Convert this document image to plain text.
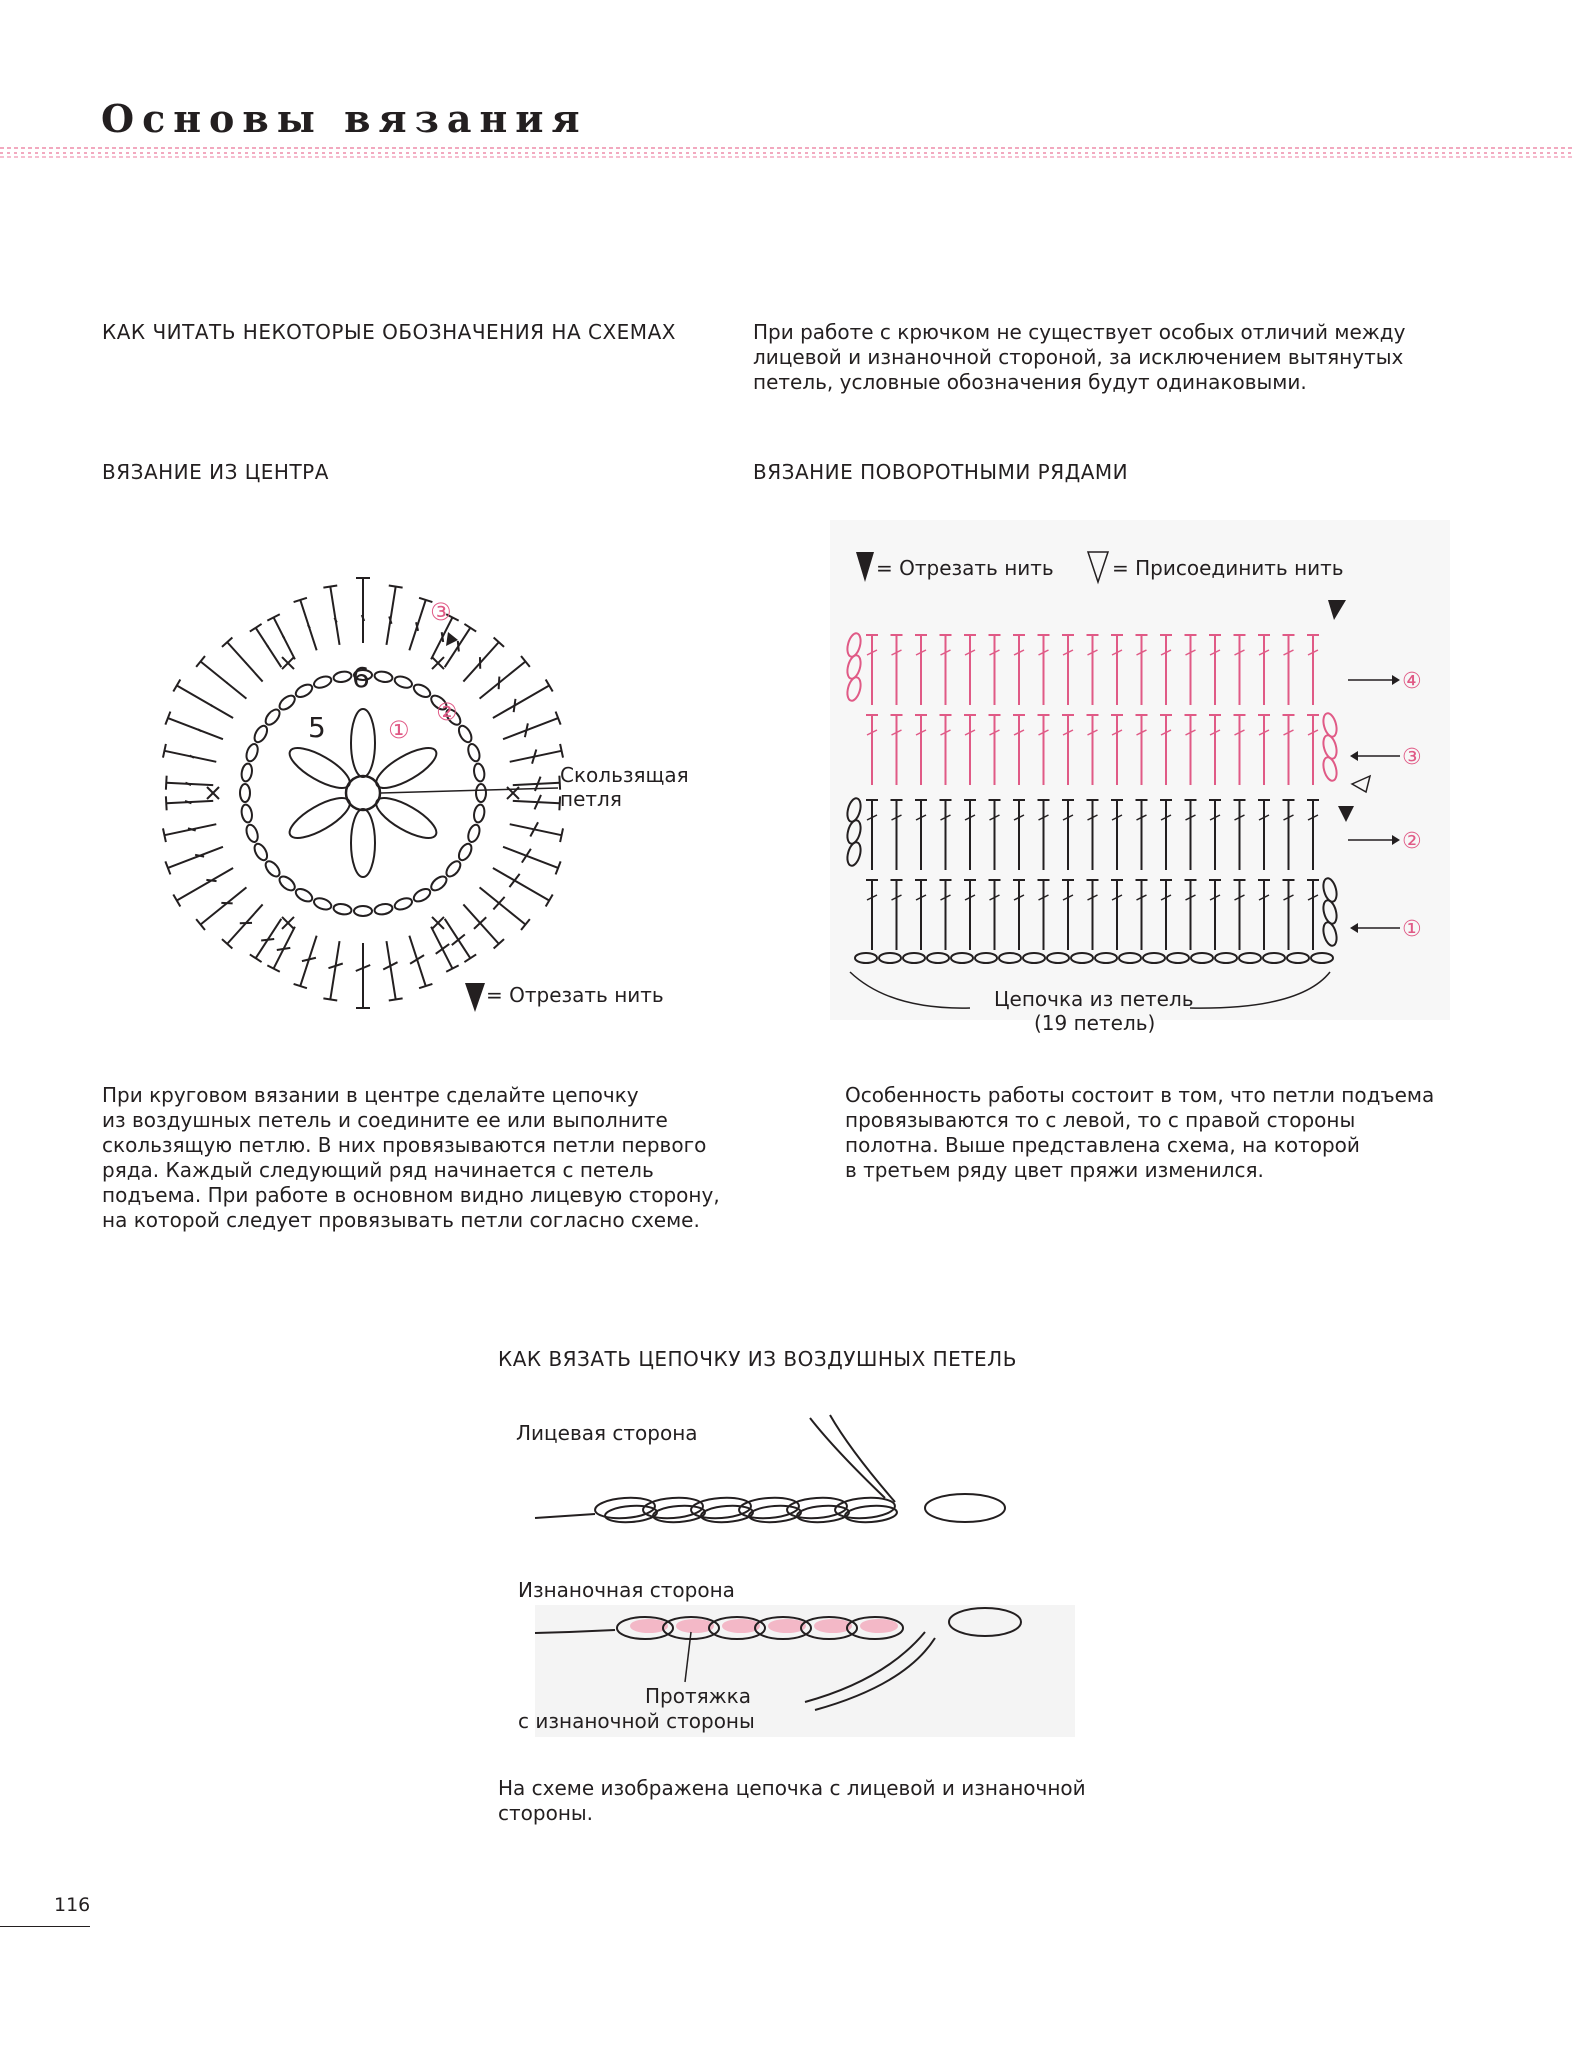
Основы вязания

КАК ЧИТАТЬ НЕКОТОРЫЕ ОБОЗНАЧЕНИЯ НА СХЕМАХ	При работе с крючком не существует особых отличий между

лицевой и изнаночной стороной, за исключением вытянутых

петель, условные обозначения будут одинаковыми.

ВЯЗАНИЕ ИЗ ЦЕНТРА

6
5	①
②
③
Скользящая
петля
= Отрезать нить

При круговом вязании в центре сделайте цепочку

из воздушных петель и соедините ее или выполните

скользящую петлю. В них провязываются петли первого

ряда. Каждый следующий ряд начинается с петель

подъема. При работе в основном видно лицевую сторону,

на которой следует провязывать петли согласно схеме.

ВЯЗАНИЕ ПОВОРОТНЫМИ РЯДАМИ

= Отрезать нить	= Присоединить нить
④
③
②
①
Цепочка из петель
(19 петель)

Особенность работы состоит в том, что петли подъема

провязываются то с левой, то с правой стороны

полотна. Выше представлена схема, на которой

в третьем ряду цвет пряжи изменился.

КАК ВЯЗАТЬ ЦЕПОЧКУ ИЗ ВОЗДУШНЫХ ПЕТЕЛЬ

Лицевая сторона
Изнаночная сторона
Протяжка
с изнаночной стороны

На схеме изображена цепочка с лицевой и изнаночной

стороны.

116
